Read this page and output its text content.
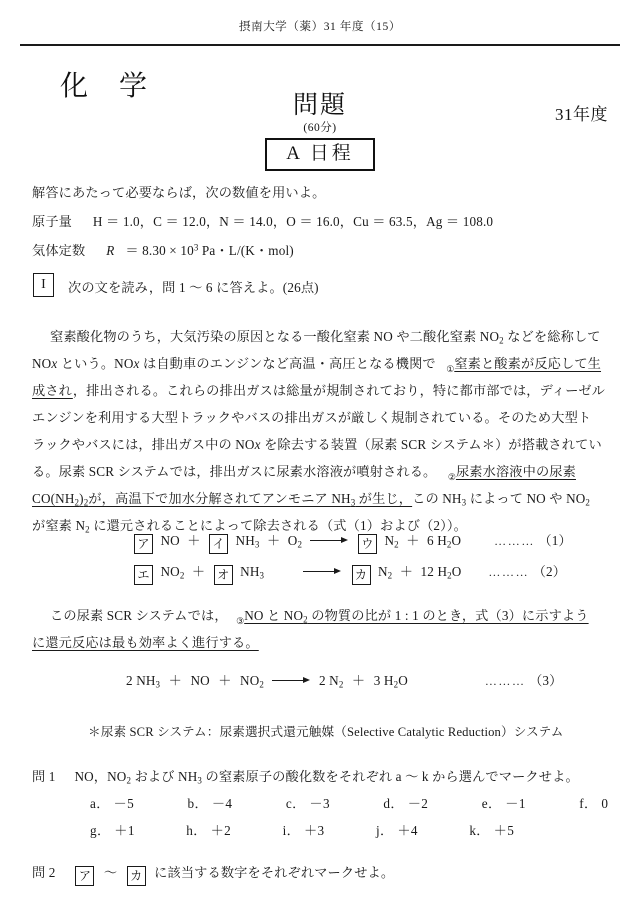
摂南大学（薬）31 年度（15）
化 学
問題
(60分)
A 日程
31年度
解答にあたって必要ならば，次の数値を用いよ。
原子量 H ＝ 1.0，C ＝ 12.0，N ＝ 14.0，O ＝ 16.0，Cu ＝ 63.5，Ag ＝ 108.0
気体定数 $R = 8.30 \times 10^3$ Pa・L/(K・mol)
I	次の文を読み，問 1 ～ 6 に答えよ。(26点)
窒素酸化物のうち，大気汚染の原因となる一酸化窒素 NO や二酸化窒素 $NO_2$ などを総称して
NOx という。NOx は自動車のエンジンなど高温・高圧となる機関で $_①$窒素と酸素が反応して生
成され，排出される。これらの排出ガスは総量が規制されており，特に都市部では，ディーゼル
エンジンを利用する大型トラックやバスの排出ガスが厳しく規制されている。そのため大型ト
ラックやバスには，排出ガス中の NOx を除去する装置（尿素 SCR システム＊）が搭載されてい
る。尿素 SCR システムでは，排出ガスに尿素水溶液が噴射される。 $_②$尿素水溶液中の尿素
$CO(NH_2)_2$が，高温下で加水分解されてアンモニア $NH_3$ が生じ，この $NH_3$ によって NO や $NO_2$
が窒素 $N_2$ に還元されることによって除去される（式（1）および（2））。
ア NO ＋ イ $NH_3 + O_2$	ウ $N_2 + 6$ $H_2O$	……… （1）
エ $NO_2$ ＋ オ $NH_3$	カ $N_2 + 12$ $H_2O$ ……… （2）
この尿素 SCR システムでは， $_③$NO と $NO_2$ の物質の比が 1 : 1 のとき，式（3）に示すよう
に還元反応は最も効率よく進行する。
2 $NH_3$ ＋ NO ＋ $NO_2$	2 $N_2 + 3$ $H_2O$	……… （3）
＊尿素 SCR システム：尿素選択式還元触媒（Selective Catalytic Reduction）システム
問 1 NO，$NO_2$ および $NH_3$ の窒素原子の酸化数をそれぞれ a ～ k から選んでマークせよ。
a． －5	b． －4	c． －3	d． －2	e． －1	f． 0
g． ＋1	h． ＋2	i． ＋3	j． ＋4	k． ＋5
問 2 ア ～ カ に該当する数字をそれぞれマークせよ。
